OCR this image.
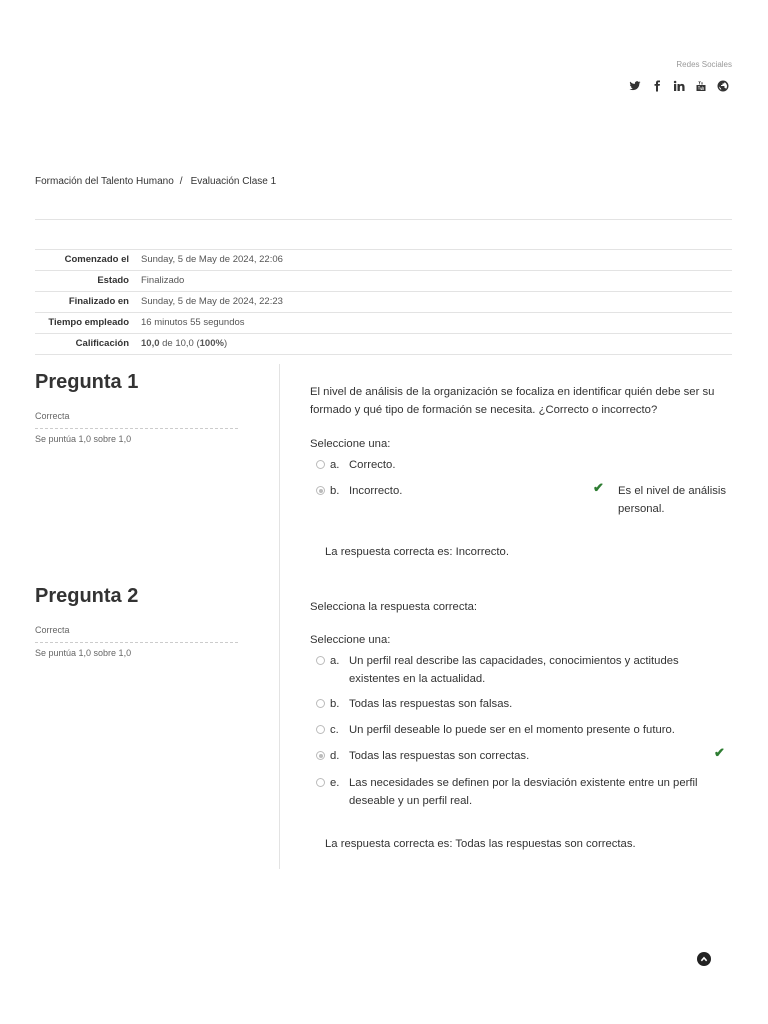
Redes Sociales
Formación del Talento Humano / Evaluación Clase 1
Comenzado el	Sunday, 5 de May de 2024, 22:06
Estado	Finalizado
Finalizado en	Sunday, 5 de May de 2024, 22:23
Tiempo empleado	16 minutos 55 segundos
Calificación	10,0 de 10,0 (100%)
Pregunta 1
Correcta
Se puntúa 1,0 sobre 1,0
El nivel de análisis de la organización se focaliza en identificar quién debe ser su formado y qué tipo de formación se necesita. ¿Correcto o incorrecto?
Seleccione una:
a. Correcto.
b. Incorrecto.	✔ Es el nivel de análisis personal.
La respuesta correcta es: Incorrecto.
Pregunta 2
Correcta
Se puntúa 1,0 sobre 1,0
Selecciona la respuesta correcta:
Seleccione una:
a. Un perfil real describe las capacidades, conocimientos y actitudes existentes en la actualidad.
b. Todas las respuestas son falsas.
c. Un perfil deseable lo puede ser en el momento presente o futuro.
d. Todas las respuestas son correctas.	✔
e. Las necesidades se definen por la desviación existente entre un perfil deseable y un perfil real.
La respuesta correcta es: Todas las respuestas son correctas.
